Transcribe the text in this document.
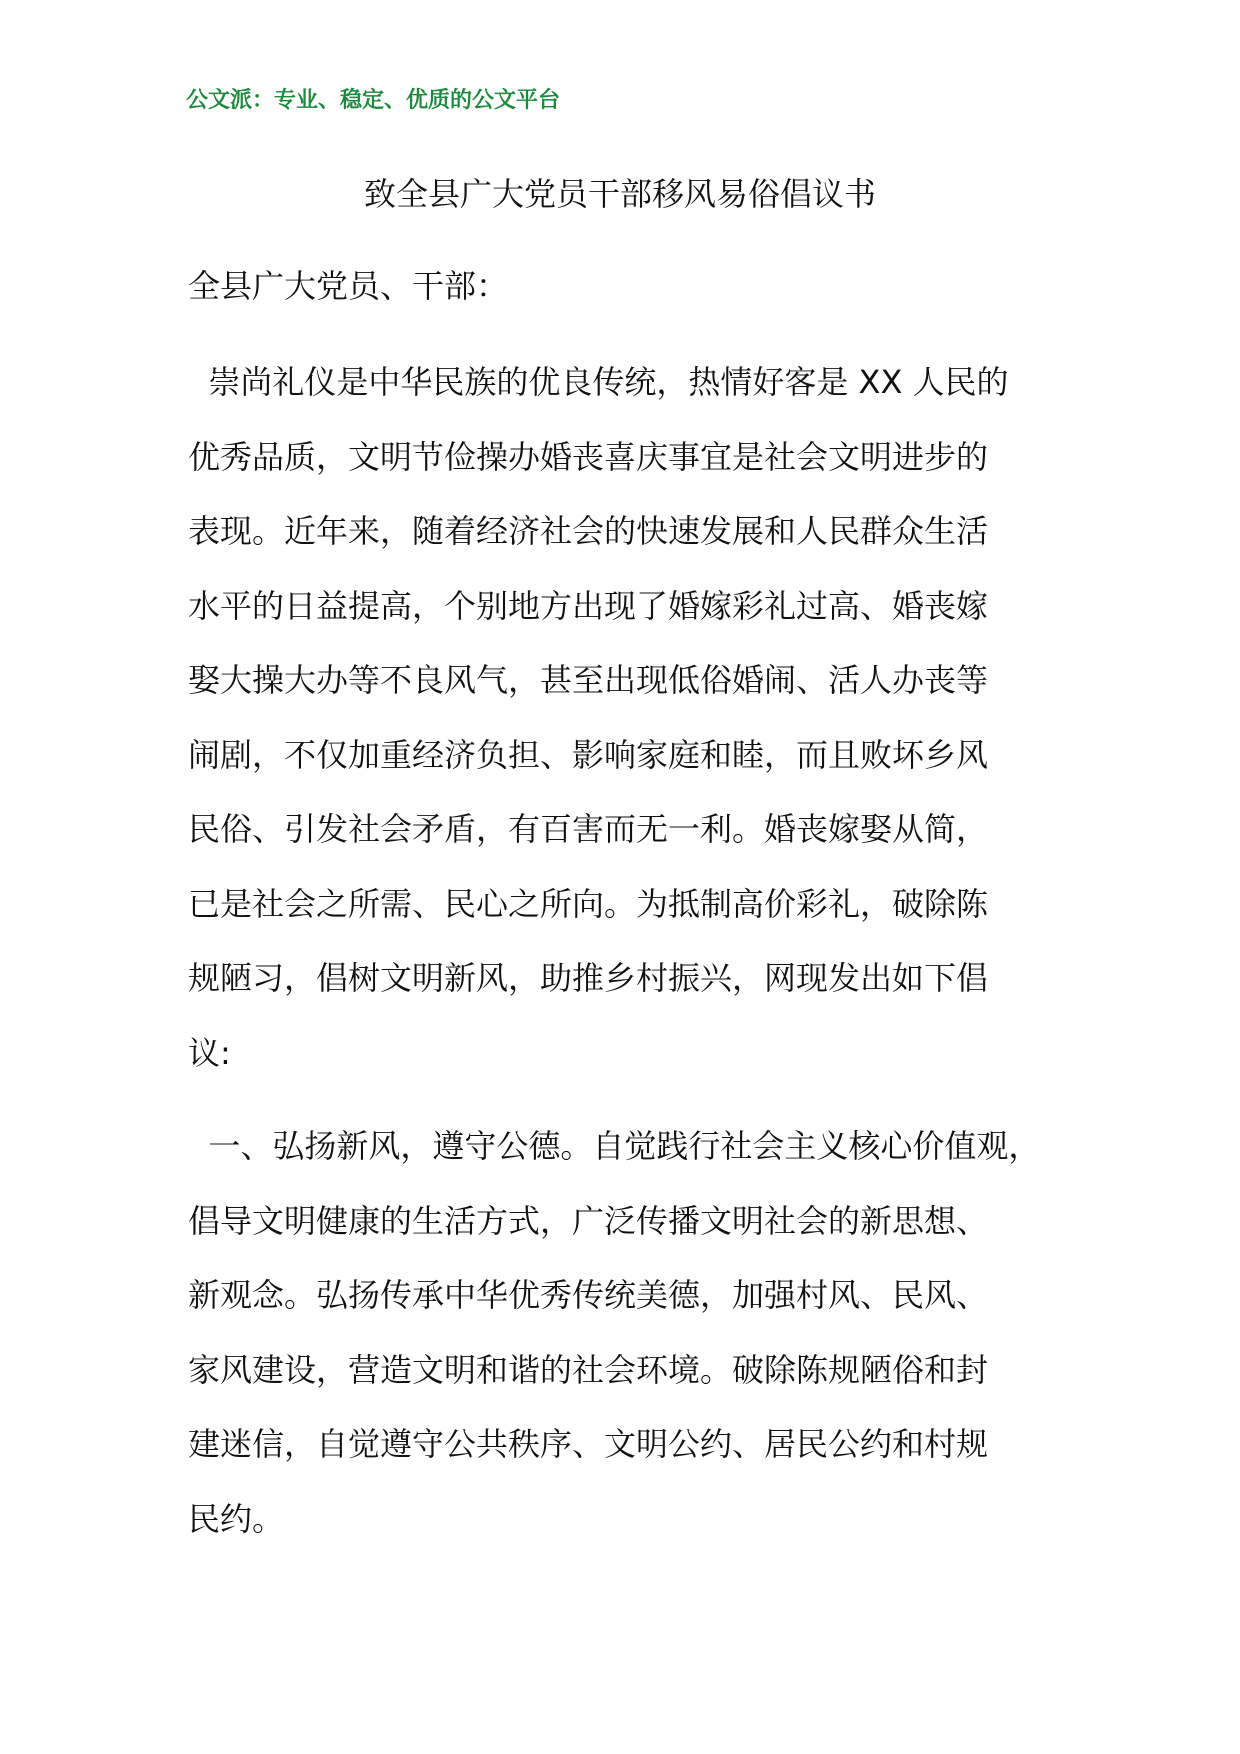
公文派：专业、稳定、优质的公文平台
致全县广大党员干部移风易俗倡议书
全县广大党员、干部：
崇尚礼仪是中华民族的优良传统，热情好客是 XX 人民的
优秀品质，文明节俭操办婚丧喜庆事宜是社会文明进步的
表现。近年来，随着经济社会的快速发展和人民群众生活
水平的日益提高，个别地方出现了婚嫁彩礼过高、婚丧嫁
娶大操大办等不良风气，甚至出现低俗婚闹、活人办丧等
闹剧，不仅加重经济负担、影响家庭和睦，而且败坏乡风
民俗、引发社会矛盾，有百害而无一利。婚丧嫁娶从简，
已是社会之所需、民心之所向。为抵制高价彩礼，破除陈
规陋习，倡树文明新风，助推乡村振兴，网现发出如下倡
议:
一、弘扬新风，遵守公德。自觉践行社会主义核心价值观，
倡导文明健康的生活方式，广泛传播文明社会的新思想、
新观念。弘扬传承中华优秀传统美德，加强村风、民风、
家风建设，营造文明和谐的社会环境。破除陈规陋俗和封
建迷信，自觉遵守公共秩序、文明公约、居民公约和村规
民约。
